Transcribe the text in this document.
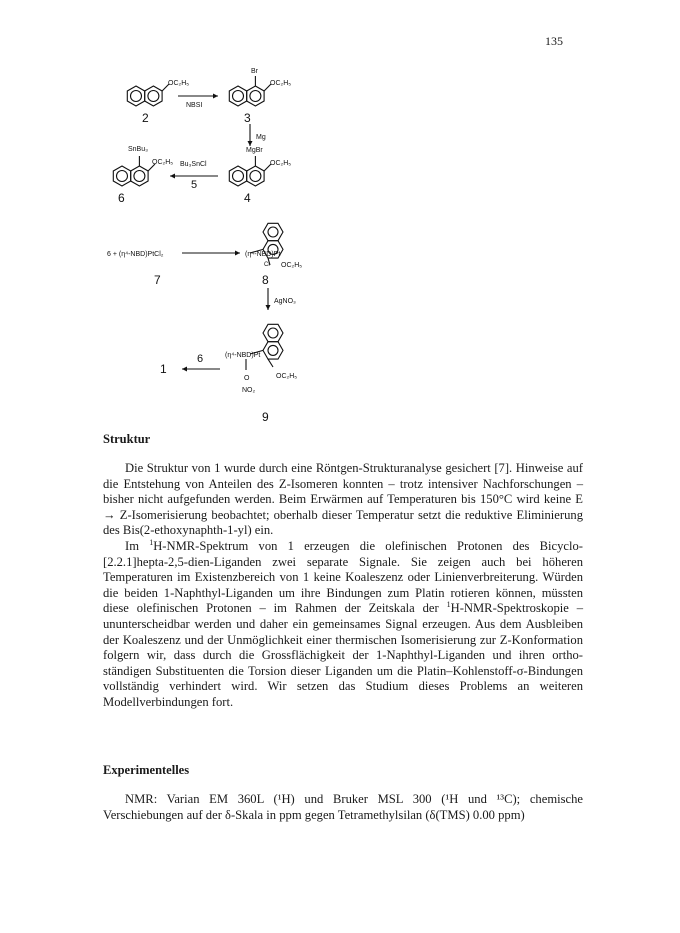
135
OC₂H₅
NBSI
2
Br
OC₂H₅
3
Mg
MgBr
OC₂H₅
4
SnBu₃
OC₂H₅ Bu₃SnCl
5
6
6 + (η⁴-NBD)PtCl₂	(η⁴-NBD)Pt
Cl OC₂H₅
7	8
AgNO₃
6
1
(η⁴-NBD)Pt
OC₂H₅
O
NO₂
9
Struktur

Die Struktur von 1 wurde durch eine Röntgen-Strukturanalyse gesichert [7]. Hinweise auf die Entstehung von Anteilen des Z-Isomeren konnten – trotz intensiver Nachforschungen – bisher nicht aufgefunden werden. Beim Erwärmen auf Temperaturen bis 150°C wird keine E → Z-Isomerisierung beobachtet; oberhalb dieser Temperatur setzt die reduktive Eliminierung des Bis(2-ethoxynaphth-1-yl) ein.

Im $^1$H-NMR-Spektrum von 1 erzeugen die olefinischen Protonen des Bicyclo-[2.2.1]hepta-2,5-dien-Liganden zwei separate Signale. Sie zeigen auch bei höheren Temperaturen im Existenzbereich von 1 keine Koaleszenz oder Linienverbreiterung. Würden die beiden 1-Naphthyl-Liganden um ihre Bindungen zum Platin rotieren können, müssten diese olefinischen Protonen – im Rahmen der Zeitskala der $^1$H-NMR-Spektroskopie – ununterscheidbar werden und daher ein gemeinsames Signal erzeugen. Aus dem Ausbleiben der Koaleszenz und der Unmöglichkeit einer thermischen Isomerisierung zur Z-Konformation folgern wir, dass durch die Grossflächigkeit der 1-Naphthyl-Liganden und ihren ortho-ständigen Substituenten die Torsion dieser Liganden um die Platin–Kohlenstoff-σ-Bindungen vollständig verhindert wird. Wir setzen das Studium dieses Problems an weiteren Modellverbindungen fort.

Experimentelles

NMR: Varian EM 360L (¹H) und Bruker MSL 300 (¹H und ¹³C); chemische Verschiebungen auf der δ-Skala in ppm gegen Tetramethylsilan (δ(TMS) 0.00 ppm)
